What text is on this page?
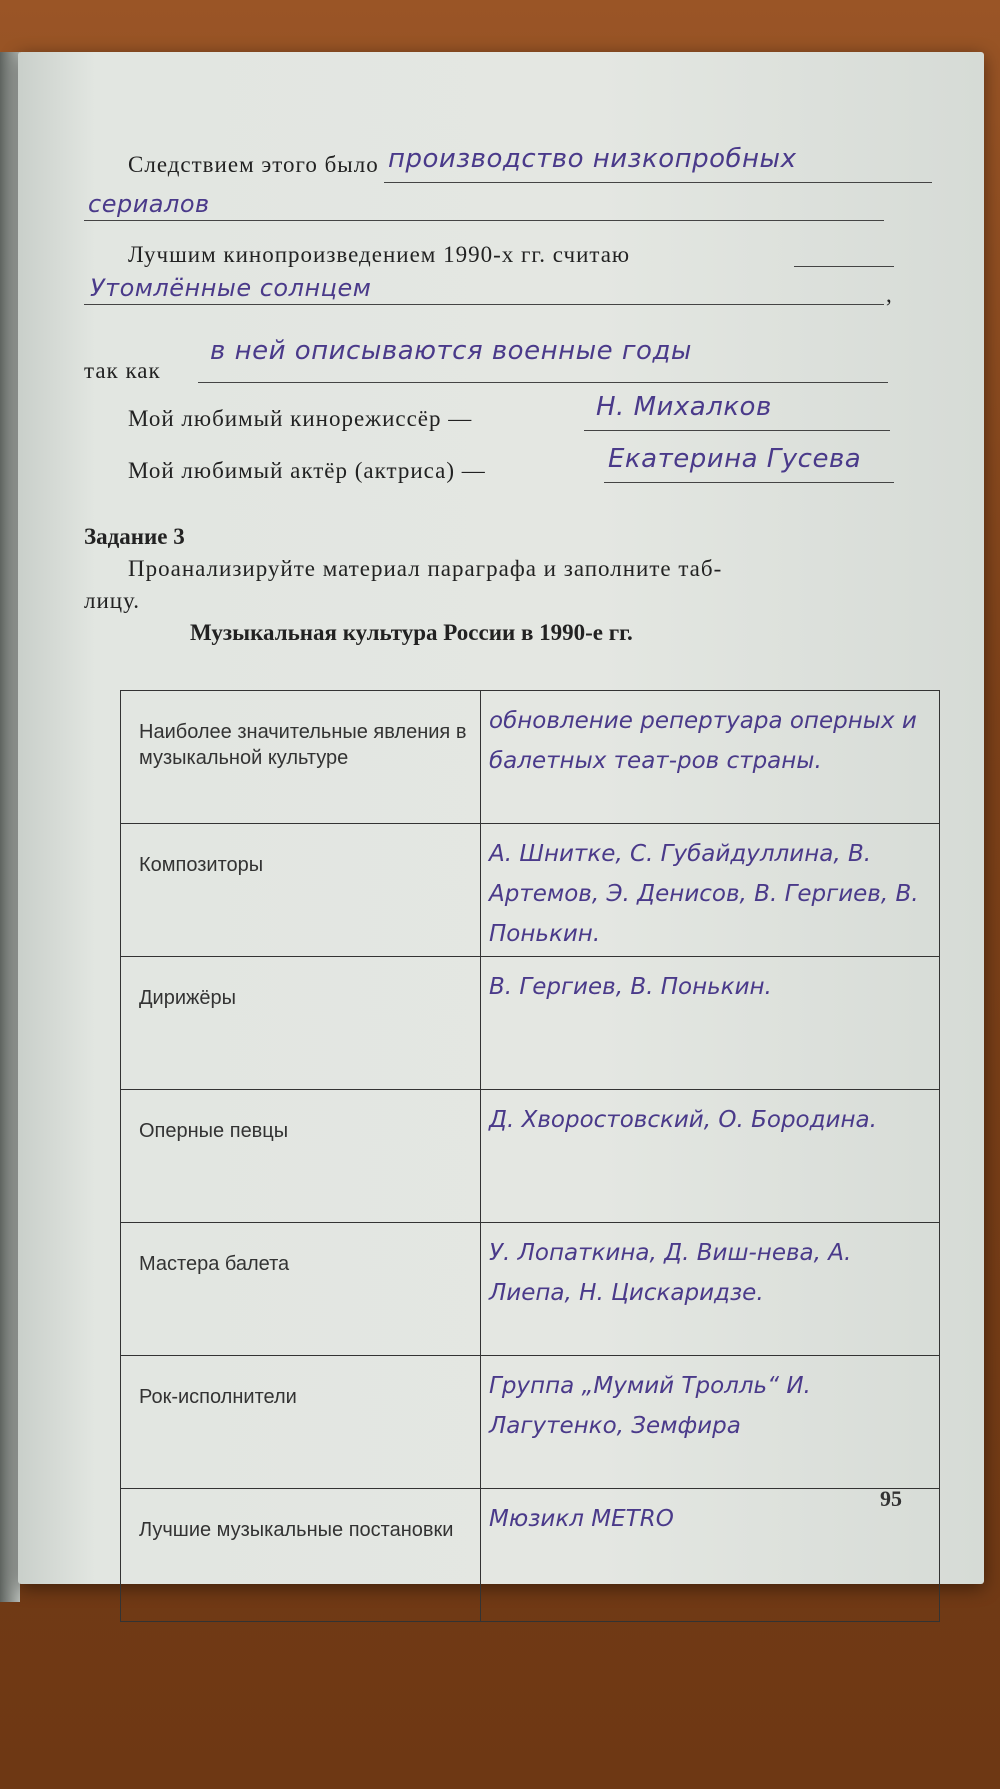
Следствием этого было производство низкопробных
сериалов
Лучшим кинопроизведением 1990-х гг. считаю
Утомлённые солнцем	,
так как
в ней описываются военные годы
Мой любимый кинорежиссёр —	Н. Михалков
Мой любимый актёр (актриса) —	Екатерина Гусева
Задание 3
Проанализируйте материал параграфа и заполните таб-
лицу.
Музыкальная культура России в 1990-е гг.
Наиболее значительные явления в музыкальной культуре	обновление репертуара оперных и балетных теат-ров страны.
Композиторы	А. Шнитке, С. Губайдуллина, В. Артемов, Э. Денисов, В. Гергиев, В. Понькин.
Дирижёры	В. Гергиев, В. Понькин.
Оперные певцы	Д. Хворостовский, О. Бородина.
Мастера балета	У. Лопаткина, Д. Виш-нева, А. Лиепа, Н. Цискаридзе.
Рок-исполнители	Группа „Мумий Тролль“ И. Лагутенко, Земфира
Лучшие музыкальные постановки	Мюзикл METRO
95
